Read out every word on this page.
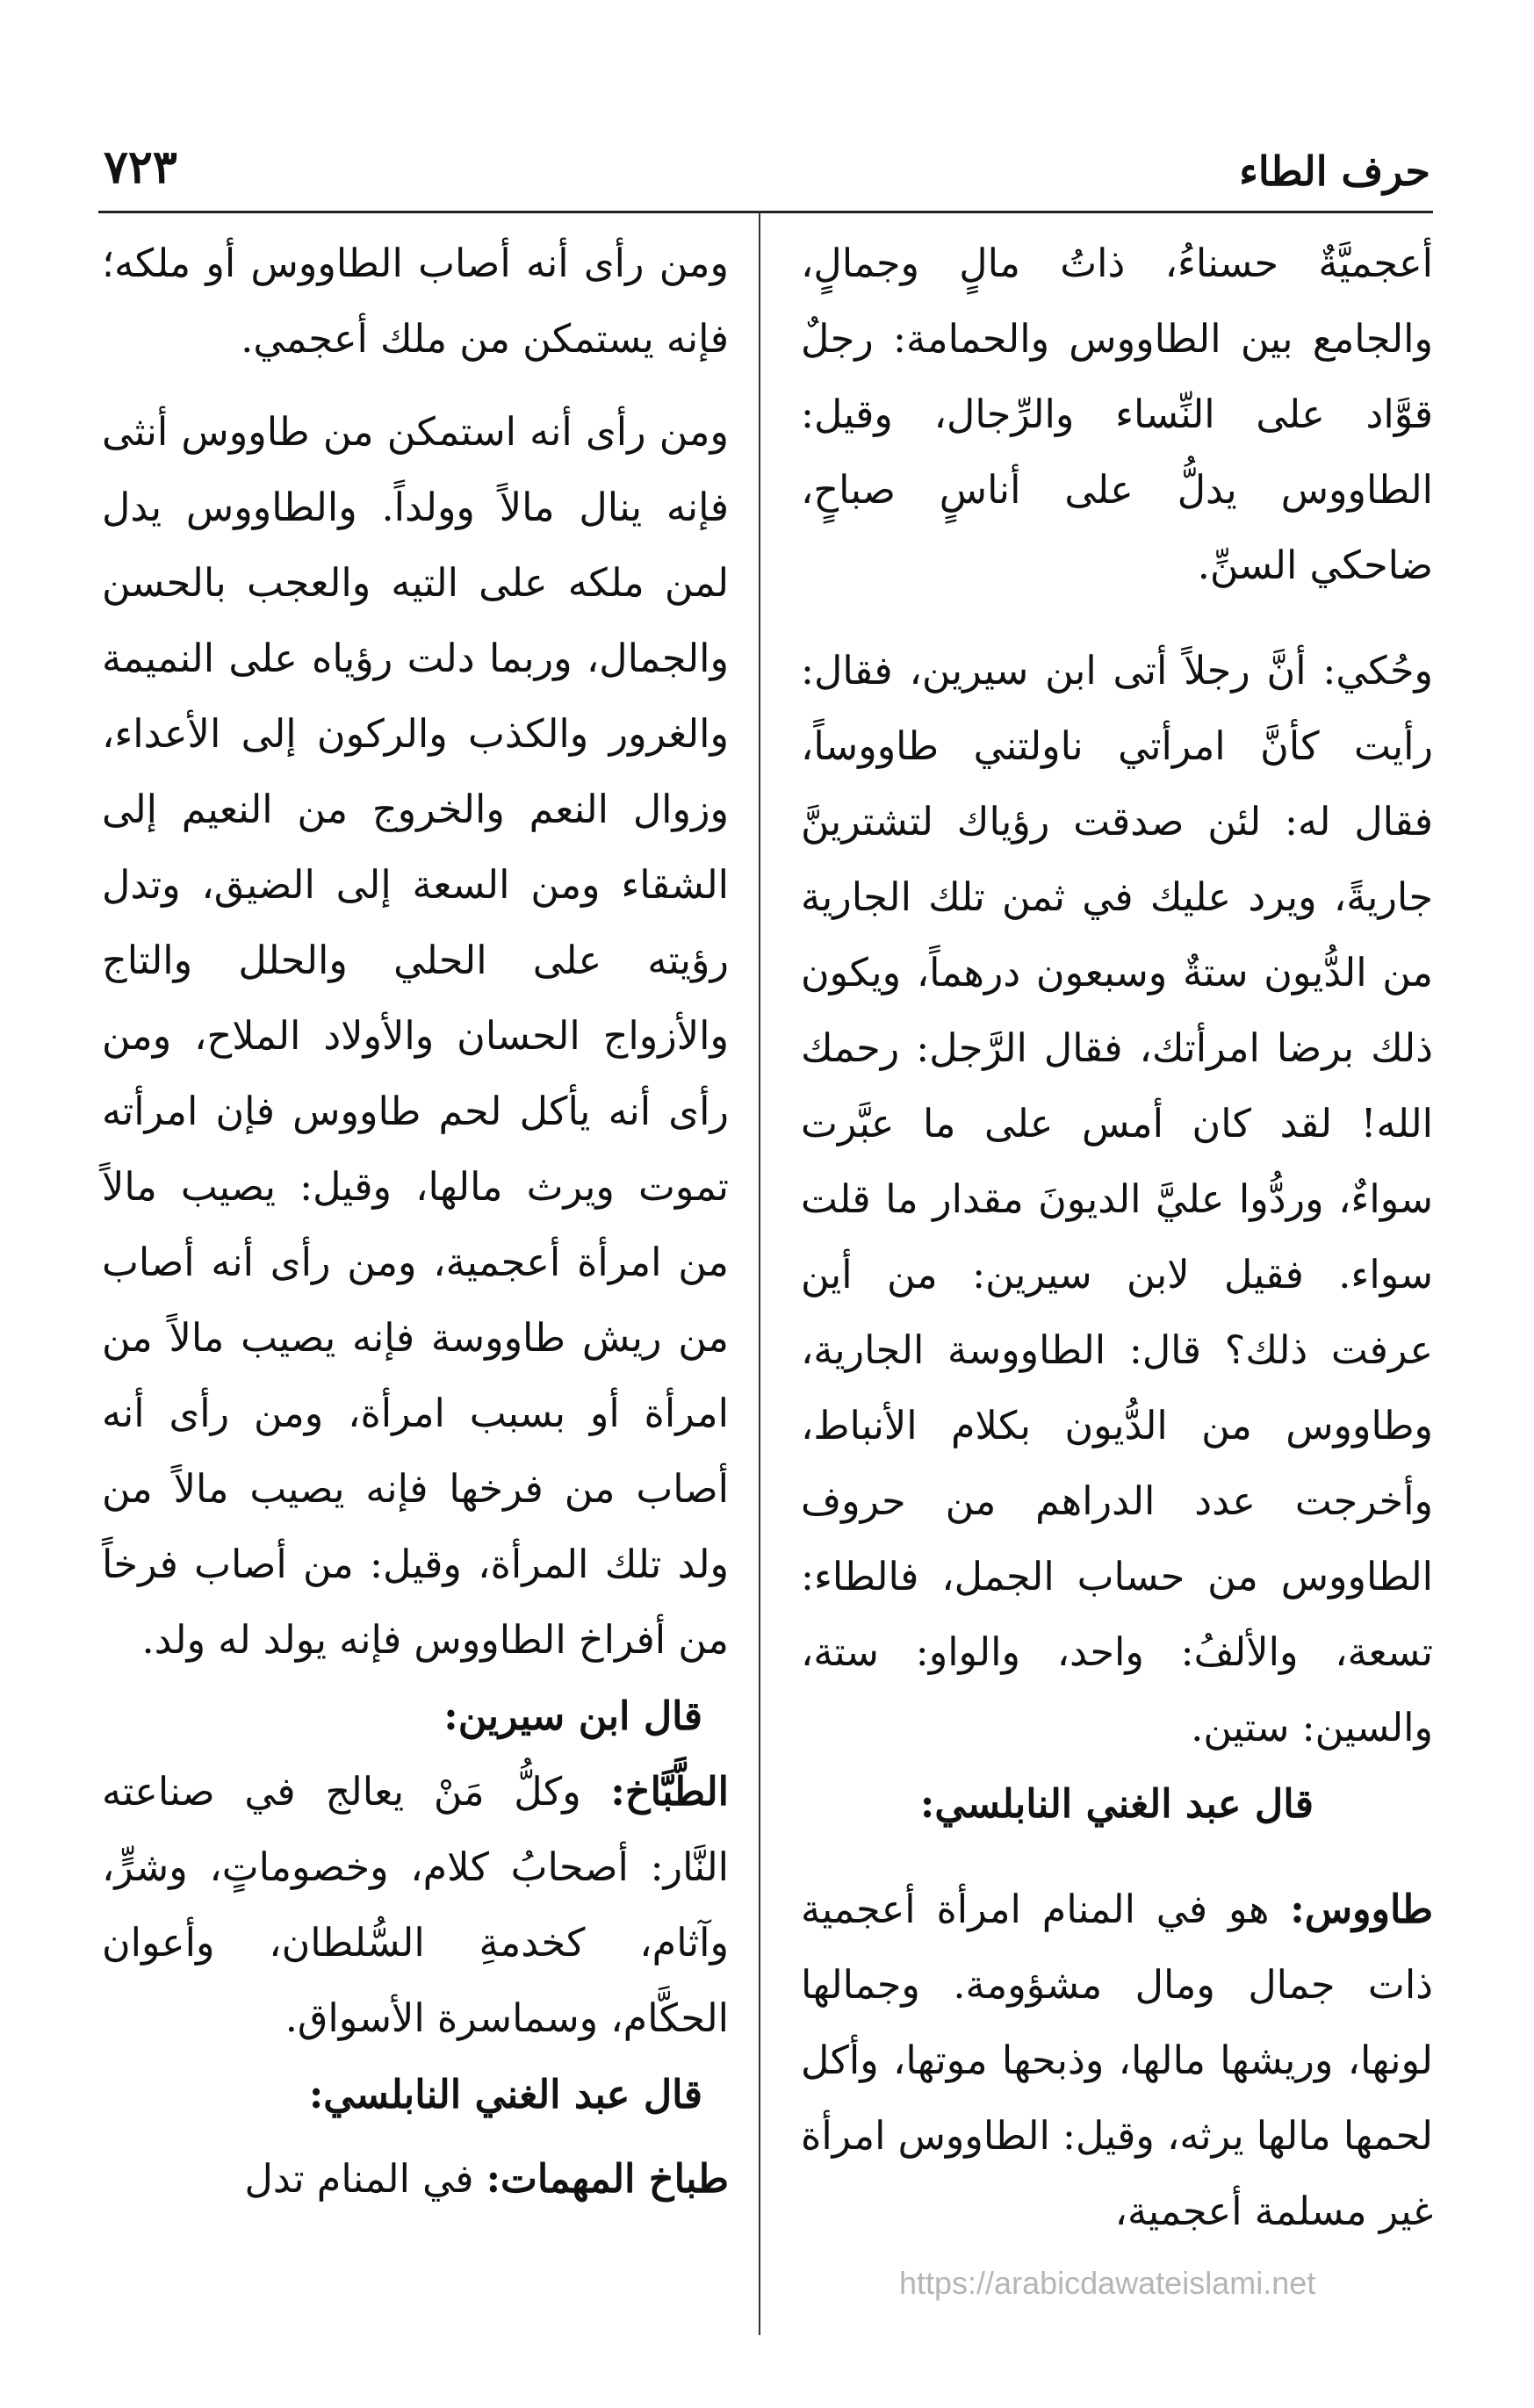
حرف الطاء
٧٢٣

أعجميَّةٌ حسناءُ، ذاتُ مالٍ وجمالٍ، والجامع بين الطاووس والحمامة: رجلٌ قوَّاد على النِّساء والرِّجال، وقيل: الطاووس يدلُّ على أناسٍ صباحٍ، ضاحكي السنِّ.

وحُكي: أنَّ رجلاً أتى ابن سيرين، فقال: رأيت كأنَّ امرأتي ناولتني طاووساً، فقال له: لئن صدقت رؤياك لتشترينَّ جاريةً، ويرد عليك في ثمن تلك الجارية من الدُّيون ستةٌ وسبعون درهماً، ويكون ذلك برضا امرأتك، فقال الرَّجل: رحمك الله! لقد كان أمس على ما عبَّرت سواءٌ، وردُّوا عليَّ الديونَ مقدار ما قلت سواء. فقيل لابن سيرين: من أين عرفت ذلك؟ قال: الطاووسة الجارية، وطاووس من الدُّيون بكلام الأنباط، وأخرجت عدد الدراهم من حروف الطاووس من حساب الجمل، فالطاء: تسعة، والألفُ: واحد، والواو: ستة، والسين: ستين.

قال عبد الغني النابلسي:

طاووس: هو في المنام امرأة أعجمية ذات جمال ومال مشؤومة. وجمالها لونها، وريشها مالها، وذبحها موتها، وأكل لحمها مالها يرثه، وقيل: الطاووس امرأة غير مسلمة أعجمية،

ومن رأى أنه أصاب الطاووس أو ملكه؛ فإنه يستمكن من ملك أعجمي.

ومن رأى أنه استمكن من طاووس أنثى فإنه ينال مالاً وولداً. والطاووس يدل لمن ملكه على التيه والعجب بالحسن والجمال، وربما دلت رؤياه على النميمة والغرور والكذب والركون إلى الأعداء، وزوال النعم والخروج من النعيم إلى الشقاء ومن السعة إلى الضيق، وتدل رؤيته على الحلي والحلل والتاج والأزواج الحسان والأولاد الملاح، ومن رأى أنه يأكل لحم طاووس فإن امرأته تموت ويرث مالها، وقيل: يصيب مالاً من امرأة أعجمية، ومن رأى أنه أصاب من ريش طاووسة فإنه يصيب مالاً من امرأة أو بسبب امرأة، ومن رأى أنه أصاب من فرخها فإنه يصيب مالاً من ولد تلك المرأة، وقيل: من أصاب فرخاً من أفراخ الطاووس فإنه يولد له ولد.

قال ابن سيرين:

الطَّبَّاخ: وكلُّ مَنْ يعالج في صناعته النَّار: أصحابُ كلام، وخصوماتٍ، وشرٍّ، وآثام، كخدمةِ السُّلطان، وأعوان الحكَّام، وسماسرة الأسواق.

قال عبد الغني النابلسي:

طباخ المهمات: في المنام تدل

https://arabicdawateislami.net
